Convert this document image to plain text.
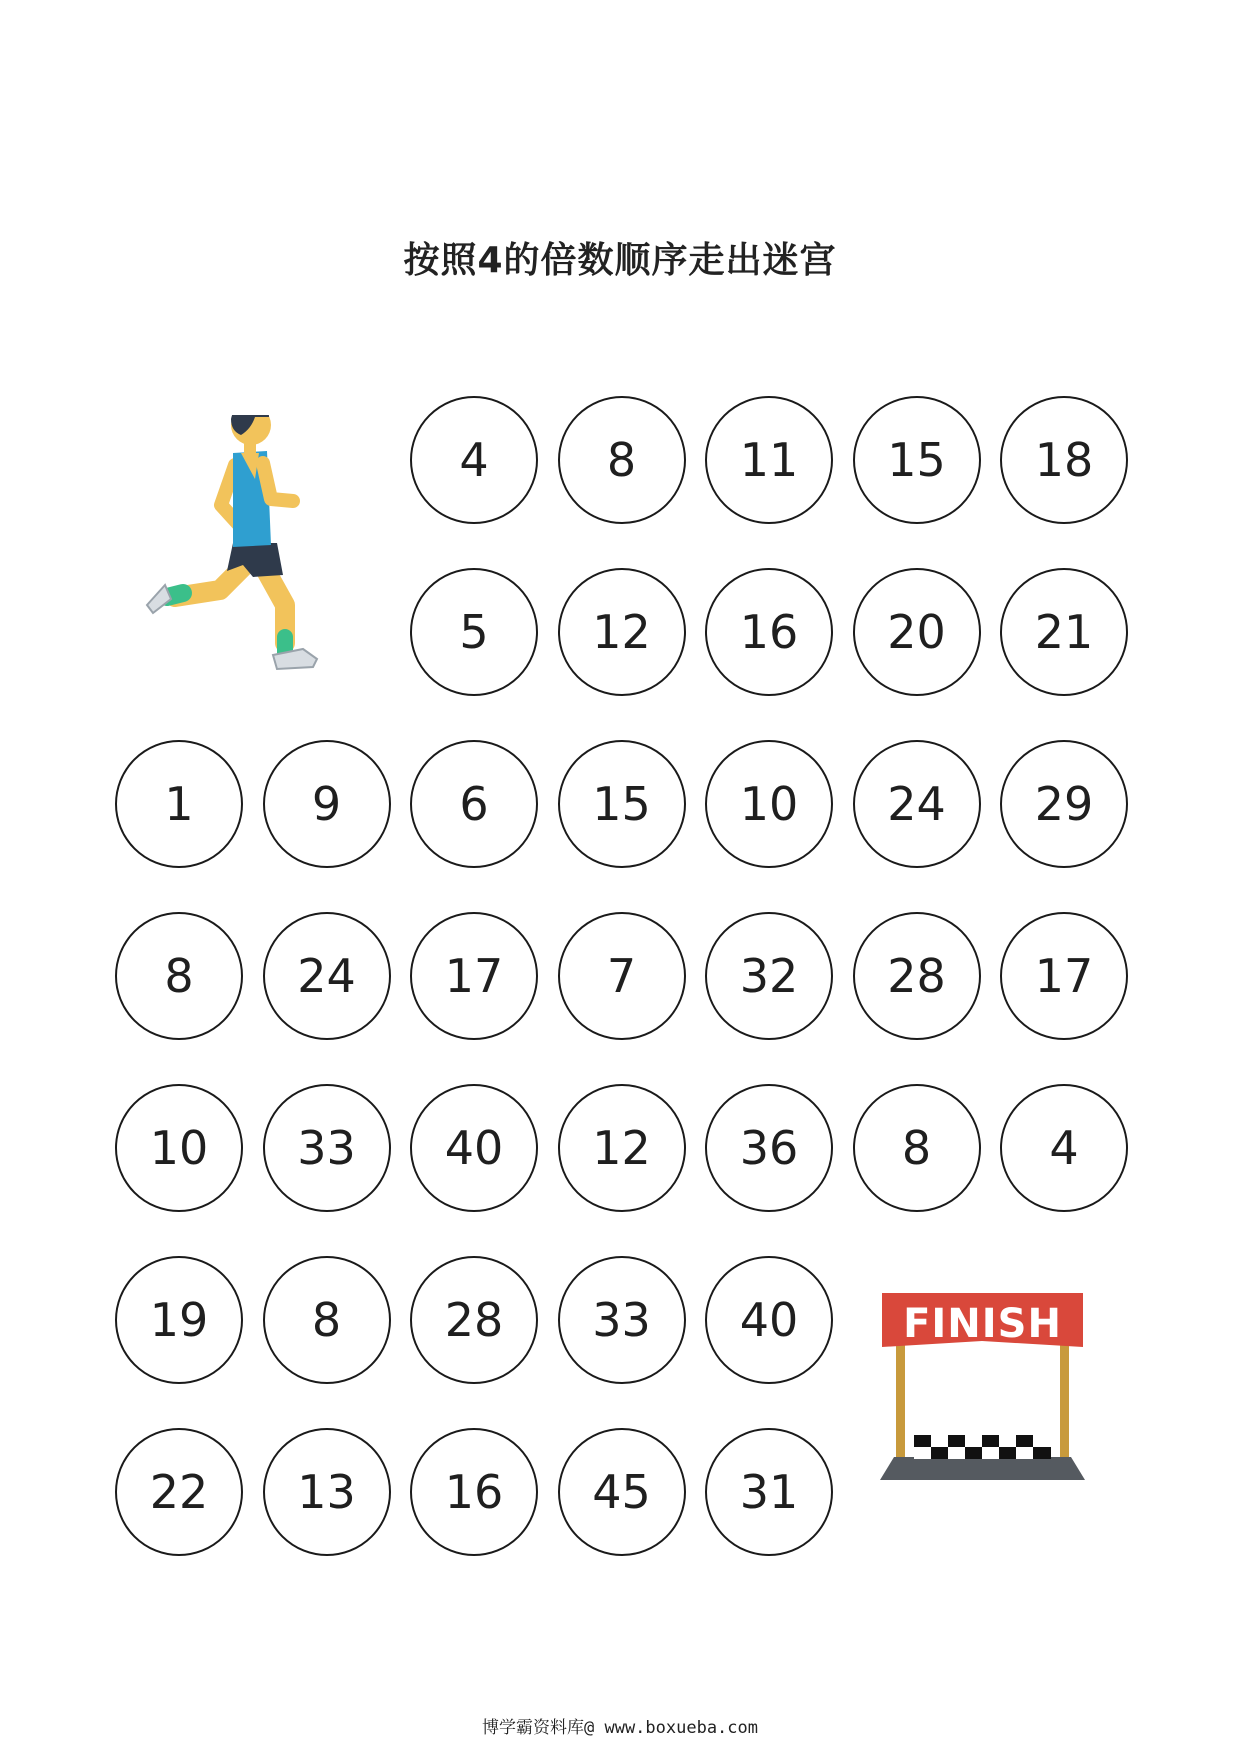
按照4的倍数顺序走出迷宫
4	8	11	15	18
5	12	16	20	21
1	9	6	15	10	24	29
8	24	17	7	32	28	17
10	33	40	12	36	8	4
19	8	28	33	40
22	13	16	45	31
FINISH
博学霸资料库@ www.boxueba.com
